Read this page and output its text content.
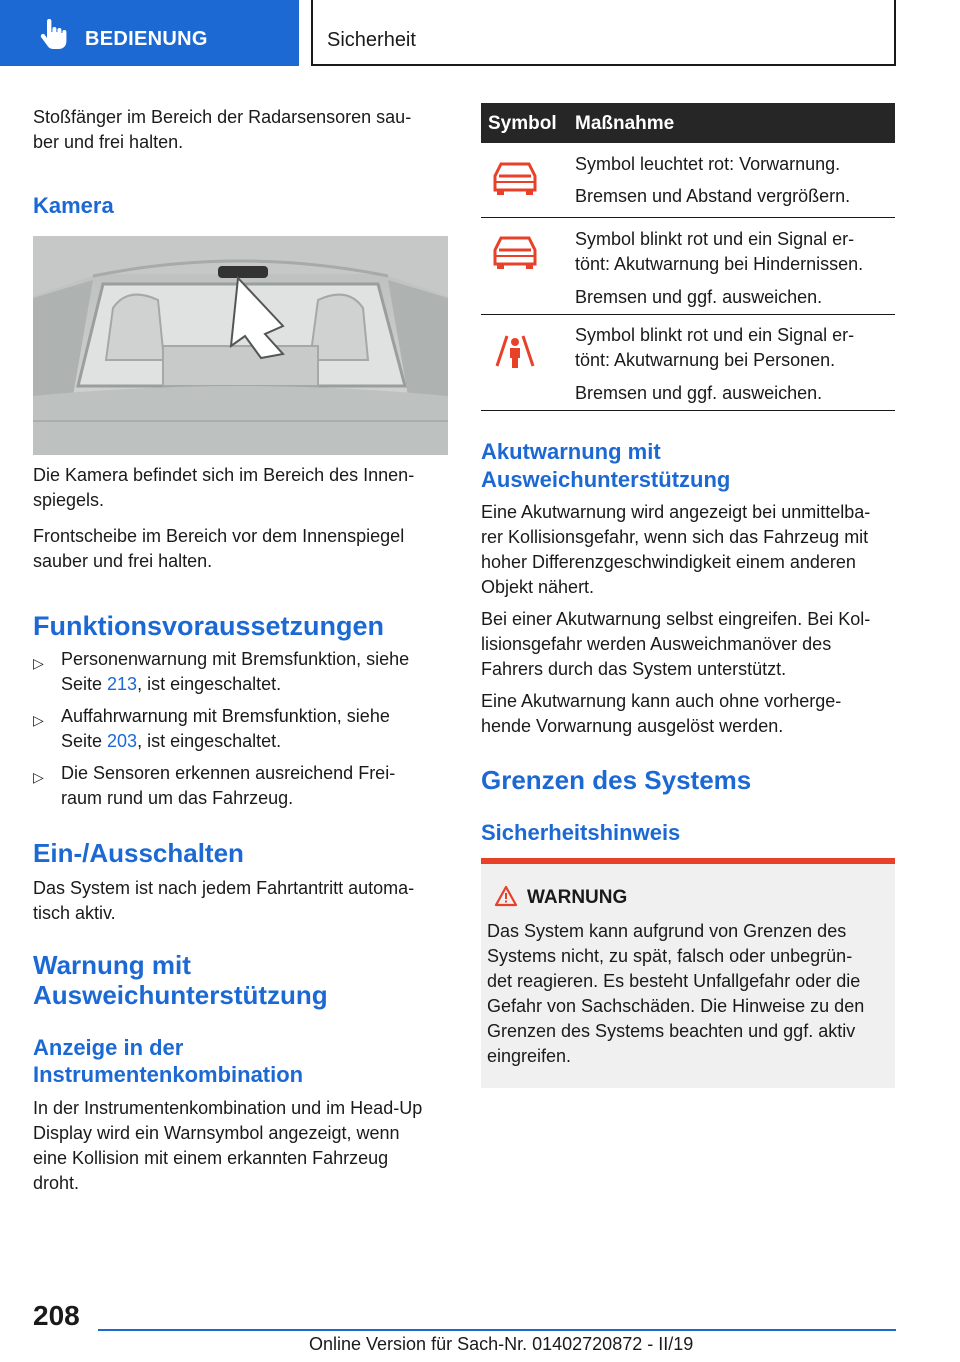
BEDIENUNG	Sicherheit
Stoßfänger im Bereich der Radarsensoren sau-
ber und frei halten.
Kamera
Die Kamera befindet sich im Bereich des Innen-
spiegels.
Frontscheibe im Bereich vor dem Innenspiegel
sauber und frei halten.
Funktionsvoraussetzungen
▷ Personenwarnung mit Bremsfunktion, siehe
Seite 213, ist eingeschaltet.
▷ Auffahrwarnung mit Bremsfunktion, siehe
Seite 203, ist eingeschaltet.
▷ Die Sensoren erkennen ausreichend Frei-
raum rund um das Fahrzeug.
Ein-/Ausschalten
Das System ist nach jedem Fahrtantritt automa-
tisch aktiv.
Warnung mit
Ausweichunterstützung
Anzeige in der
Instrumentenkombination
In der Instrumentenkombination und im Head-Up
Display wird ein Warnsymbol angezeigt, wenn
eine Kollision mit einem erkannten Fahrzeug
droht.
Symbol Maßnahme
Symbol leuchtet rot: Vorwarnung.
Bremsen und Abstand vergrößern.
Symbol blinkt rot und ein Signal er-
tönt: Akutwarnung bei Hindernissen.
Bremsen und ggf. ausweichen.
Symbol blinkt rot und ein Signal er-
tönt: Akutwarnung bei Personen.
Bremsen und ggf. ausweichen.
Akutwarnung mit
Ausweichunterstützung
Eine Akutwarnung wird angezeigt bei unmittelba-
rer Kollisionsgefahr, wenn sich das Fahrzeug mit
hoher Differenzgeschwindigkeit einem anderen
Objekt nähert.
Bei einer Akutwarnung selbst eingreifen. Bei Kol-
lisionsgefahr werden Ausweichmanöver des
Fahrers durch das System unterstützt.
Eine Akutwarnung kann auch ohne vorherge-
hende Vorwarnung ausgelöst werden.
Grenzen des Systems
Sicherheitshinweis
WARNUNG
Das System kann aufgrund von Grenzen des
Systems nicht, zu spät, falsch oder unbegrün-
det reagieren. Es besteht Unfallgefahr oder die
Gefahr von Sachschäden. Die Hinweise zu den
Grenzen des Systems beachten und ggf. aktiv
eingreifen.
208
Online Version für Sach-Nr. 01402720872 - II/19
